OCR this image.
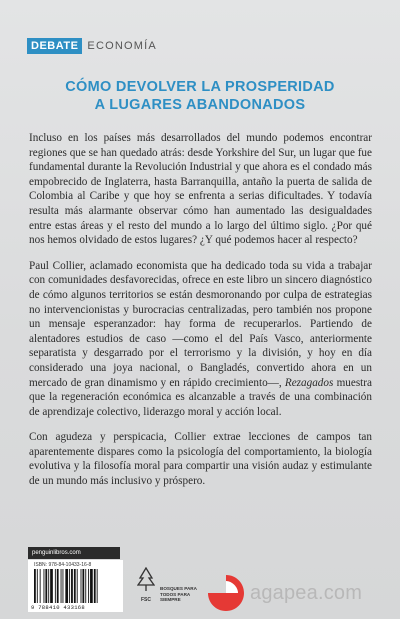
DEBATE ECONOMÍA
CÓMO DEVOLVER LA PROSPERIDAD
A LUGARES ABANDONADOS

Incluso en los países más desarrollados del mundo podemos encontrar regiones que se han quedado atrás: desde Yorkshire del Sur, un lugar que fue fundamental durante la Revolución Industrial y que ahora es el condado más empobrecido de Inglaterra, hasta Barranquilla, antaño la puerta de salida de Colombia al Caribe y que hoy se enfrenta a serias dificultades. Y todavía resulta más alarmante observar cómo han aumentado las desigualdades entre estas áreas y el resto del mundo a lo largo del último siglo. ¿Por qué nos hemos olvidado de estos lugares? ¿Y qué podemos hacer al respecto?

Paul Collier, aclamado economista que ha dedicado toda su vida a trabajar con comunidades desfavorecidas, ofrece en este libro un sincero diagnóstico de cómo algunos territorios se están desmoronando por culpa de estrategias no intervencionistas y burocracias centralizadas, pero también nos propone un mensaje esperanzador: hay forma de recuperarlos. Partiendo de alentadores estudios de caso —como el del País Vasco, anteriormente separatista y desgarrado por el terrorismo y la división, y hoy en día considerado una joya nacional, o Bangladés, convertido ahora en un mercado de gran dinamismo y en rápido crecimiento—, Rezagados muestra que la regeneración económica es alcanzable a través de una combinación de aprendizaje colectivo, liderazgo moral y acción local.

Con agudeza y perspicacia, Collier extrae lecciones de campos tan aparentemente dispares como la psicología del comportamiento, la biología evolutiva y la filosofía moral para compartir una visión audaz y estimulante de un mundo más inclusivo y próspero.

penguinlibros.com
ISBN: 978-84-10433-16-8
9 788410 433168
FSC
BOSQUES PARA TODOS PARA SIEMPRE	agapea.com
